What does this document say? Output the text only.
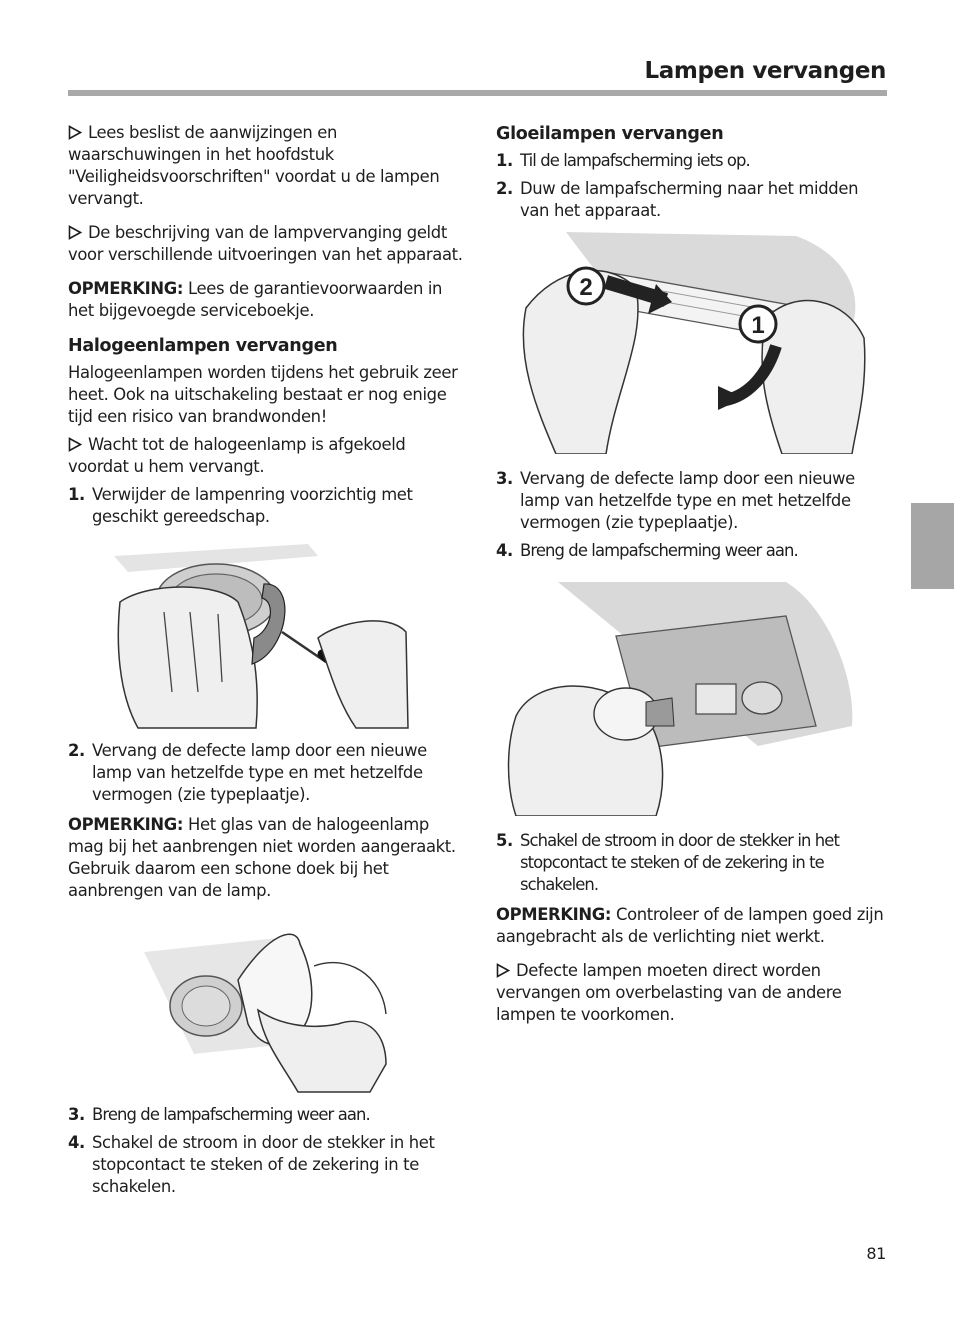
Lampen vervangen

Lees beslist de aanwijzingen en waarschuwingen in het hoofdstuk "Veiligheidsvoorschriften" voordat u de lampen vervangt.

De beschrijving van de lampvervanging geldt voor verschillende uitvoeringen van het apparaat.

OPMERKING: Lees de garantievoorwaarden in het bijgevoegde serviceboekje.

Halogeenlampen vervangen

Halogeenlampen worden tijdens het gebruik zeer heet. Ook na uitschakeling bestaat er nog enige tijd een risico van brandwonden!

Wacht tot de halogeenlamp is afgekoeld voordat u hem vervangt.

1. Verwijder de lampenring voorzichtig met geschikt gereedschap.
2. Vervang de defecte lamp door een nieuwe lamp van hetzelfde type en met hetzelfde vermogen (zie typeplaatje).

OPMERKING: Het glas van de halogeenlamp mag bij het aanbrengen niet worden aangeraakt. Gebruik daarom een schone doek bij het aanbrengen van de lamp.

3. Breng de lampafscherming weer aan.
4. Schakel de stroom in door de stekker in het stopcontact te steken of de zekering in te schakelen.
Gloeilampen vervangen
1. Til de lampafscherming iets op.
2. Duw de lampafscherming naar het midden van het apparaat.
2
1
3. Vervang de defecte lamp door een nieuwe lamp van hetzelfde type en met hetzelfde vermogen (zie typeplaatje).
4. Breng de lampafscherming weer aan.
5. Schakel de stroom in door de stekker in het stopcontact te steken of de zekering in te schakelen.

OPMERKING: Controleer of de lampen goed zijn aangebracht als de verlichting niet werkt.

Defecte lampen moeten direct worden vervangen om overbelasting van de andere lampen te voorkomen.

81
